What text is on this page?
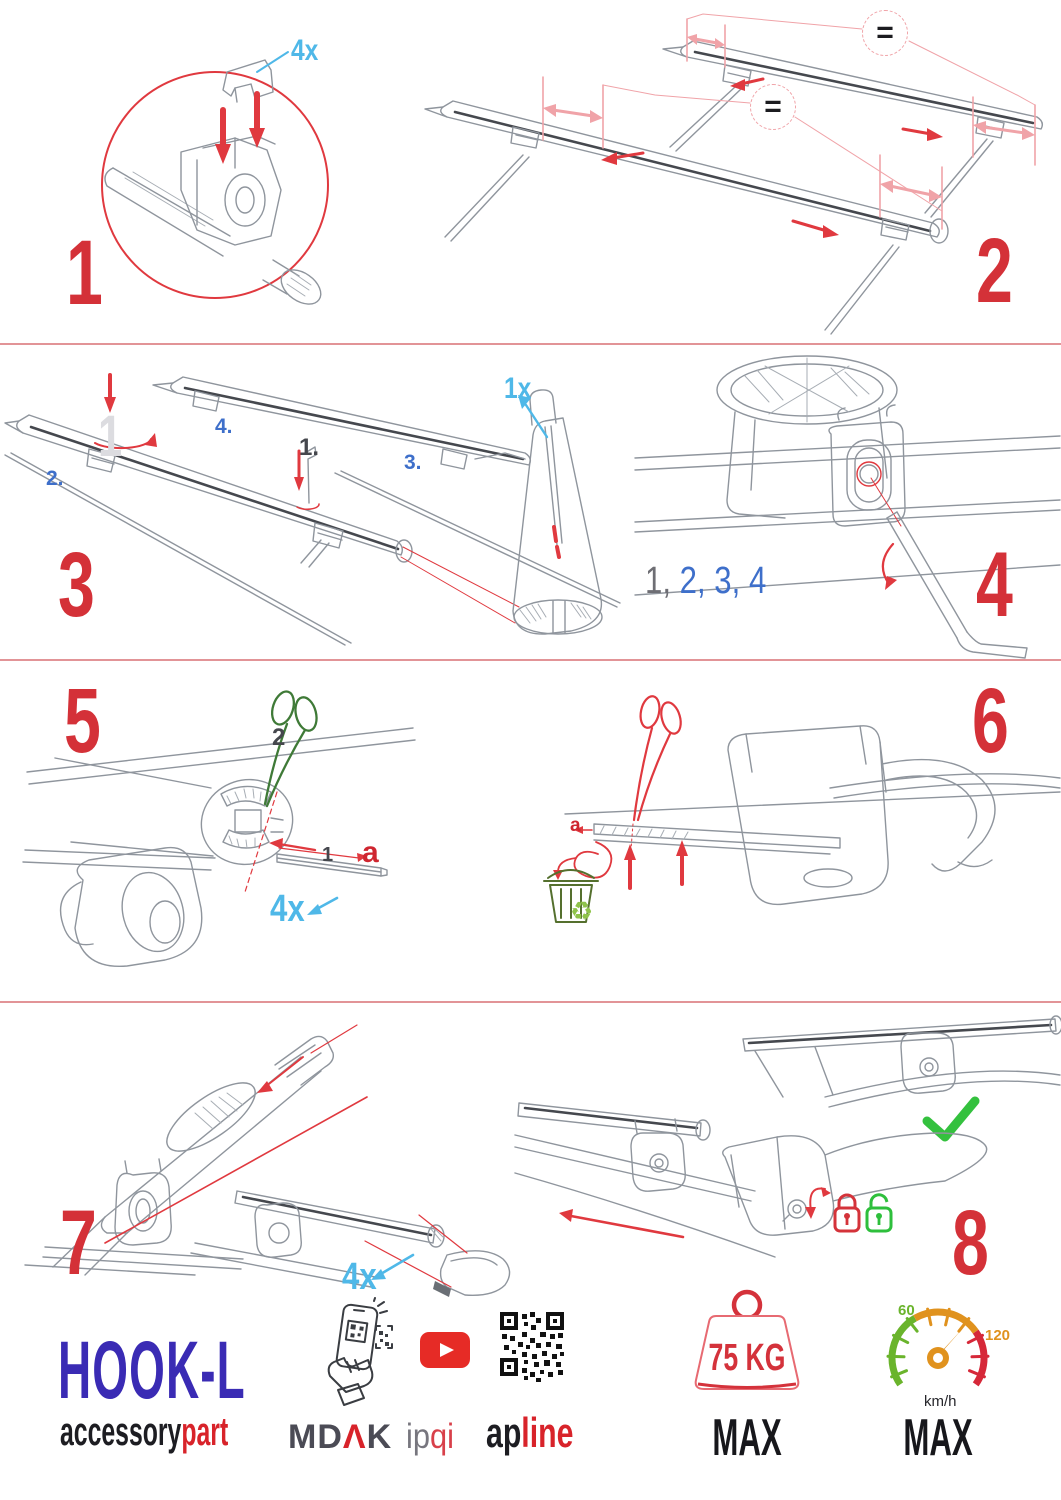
4x
1
=
=
2
1	4.
1.
2.
3.
1x
3	1, 2, 3, 4 4
5	2
1 a
4x	♻
a
6
7	4x	8
HOOK-L
accessorypart MDΛK ipqi apline
75 KG
MAX
60
120
km/h
MAX
